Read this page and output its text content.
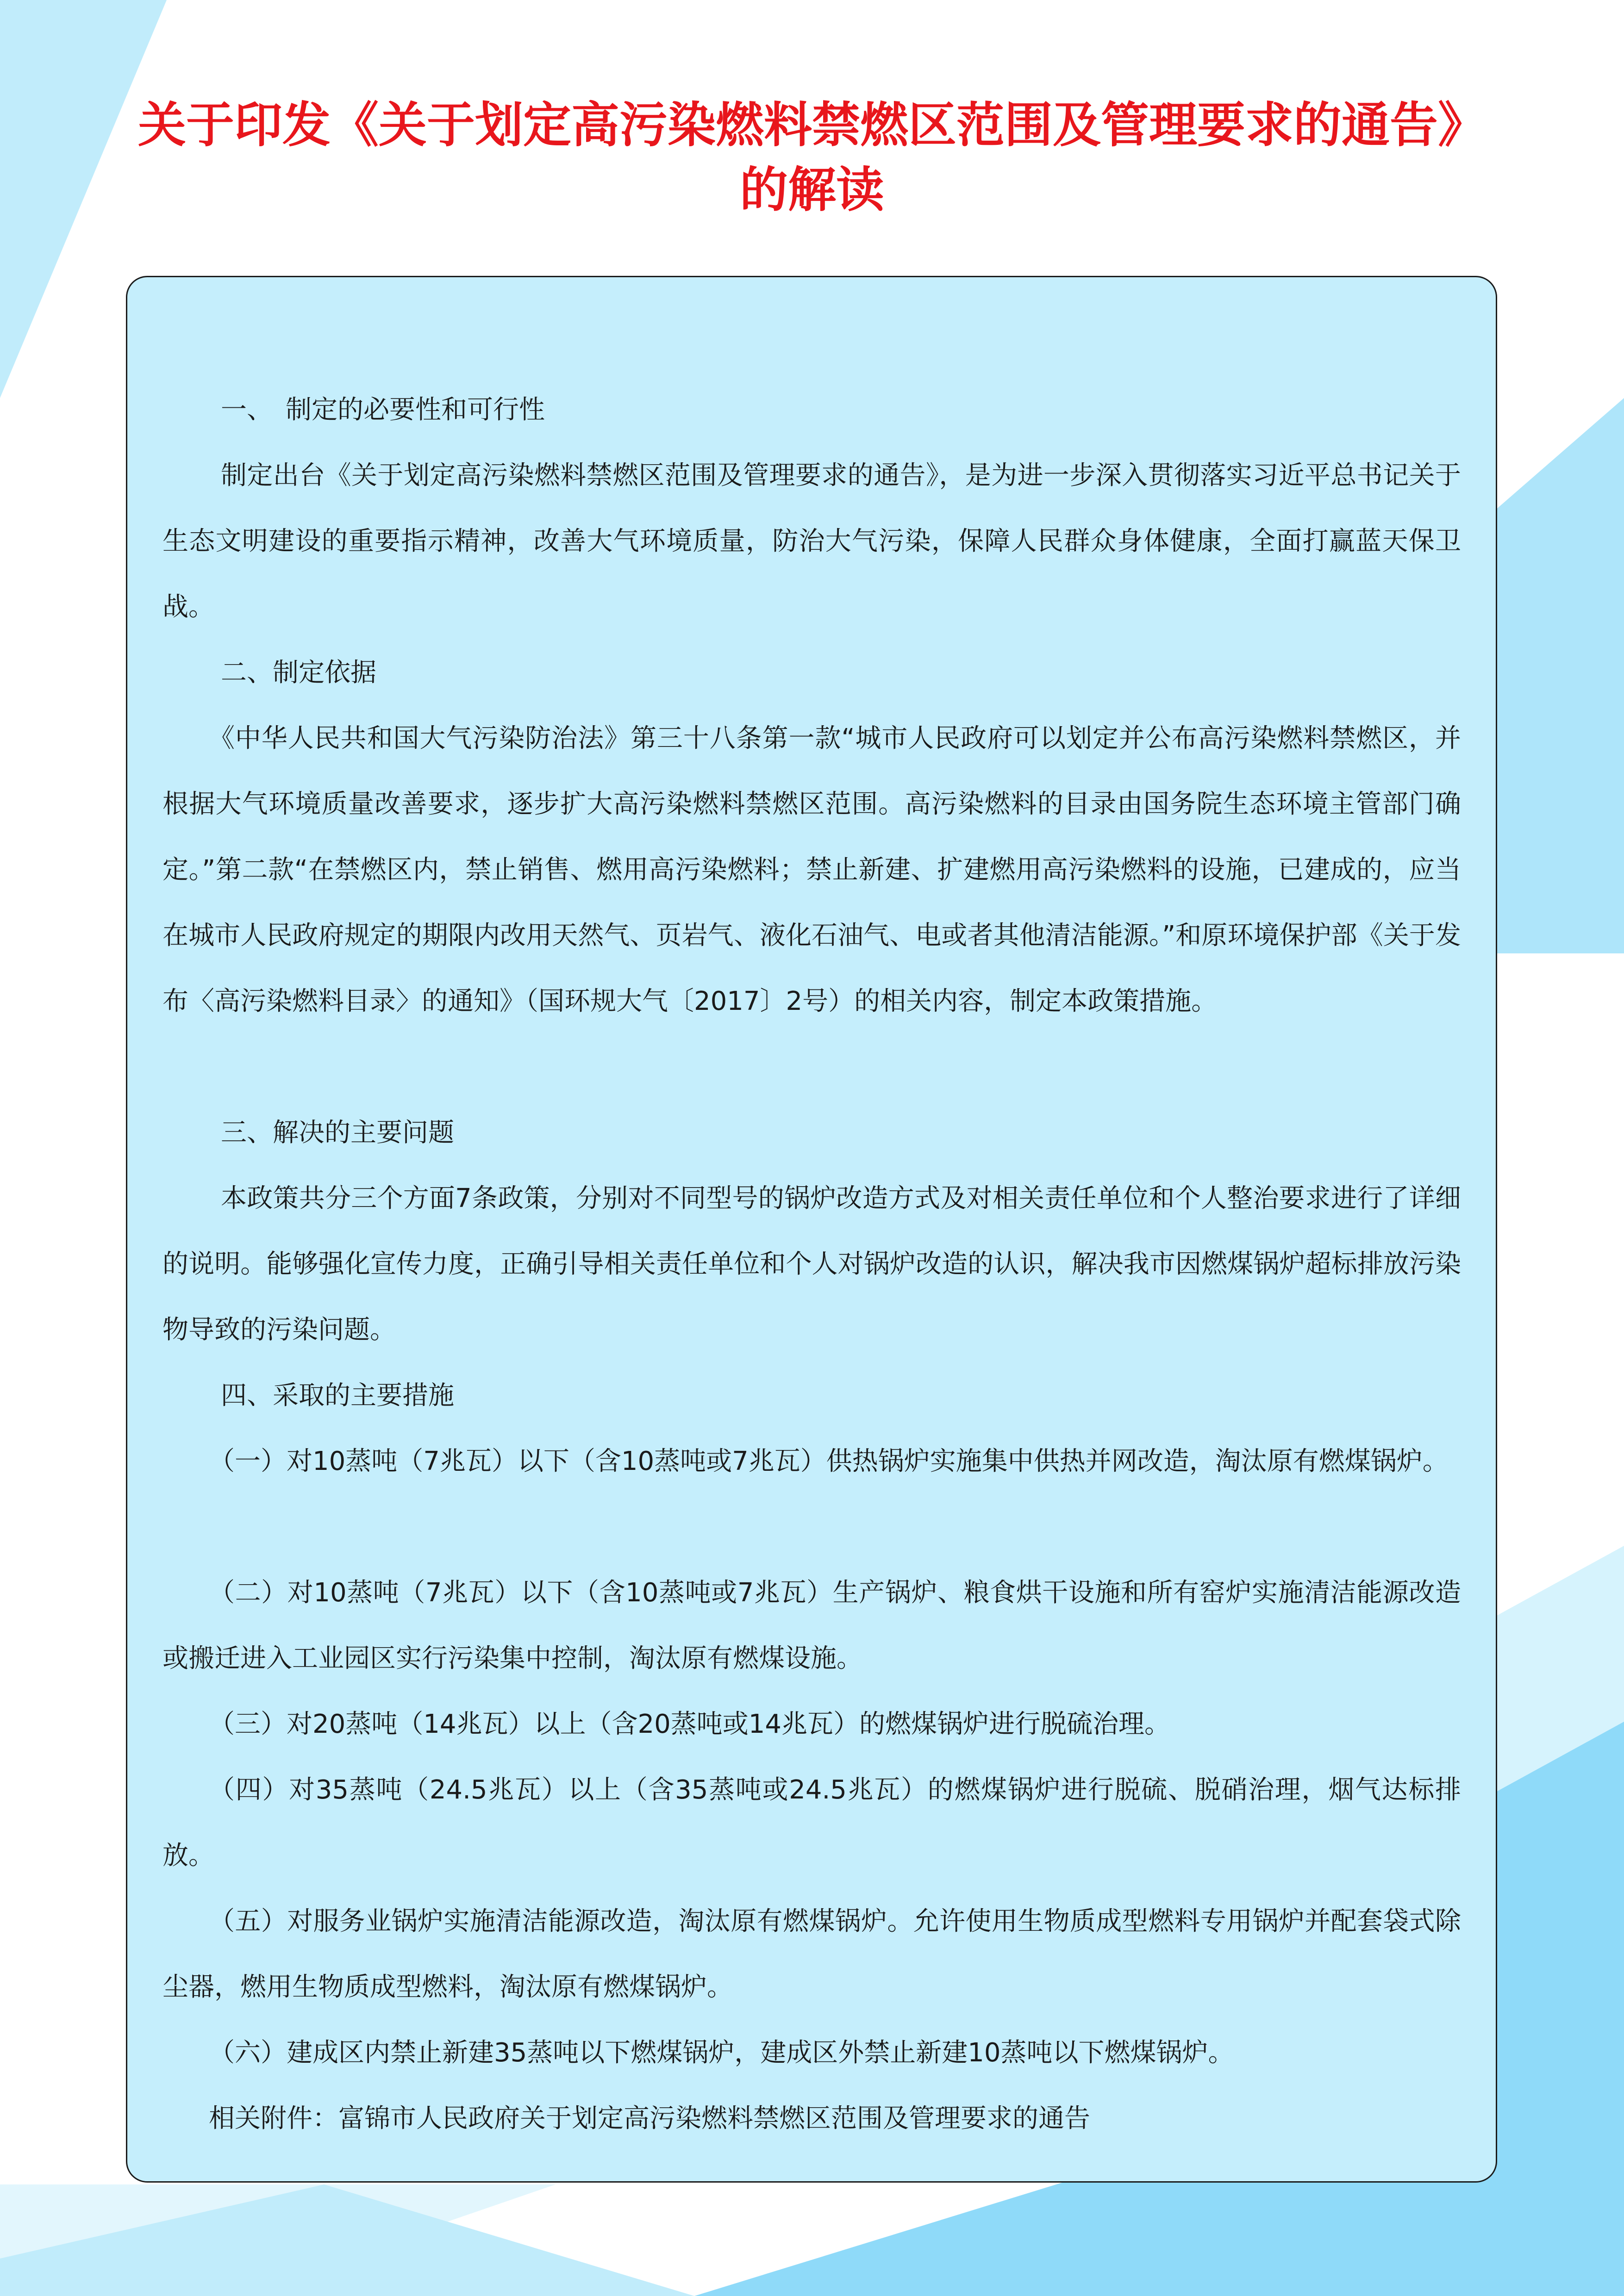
关于印发《关于划定高污染燃料禁燃区范围及管理要求的通告》
的解读

一、　制定的必要性和可行性

制定出台《关于划定高污染燃料禁燃区范围及管理要求的通告》，是为进一步深入贯彻落实习近平总书记关于生态文明建设的重要指示精神，改善大气环境质量，防治大气污染，保障人民群众身体健康，全面打赢蓝天保卫战。

二、制定依据

《中华人民共和国大气污染防治法》第三十八条第一款“城市人民政府可以划定并公布高污染燃料禁燃区，并根据大气环境质量改善要求，逐步扩大高污染燃料禁燃区范围。高污染燃料的目录由国务院生态环境主管部门确定。”第二款“在禁燃区内，禁止销售、燃用高污染燃料；禁止新建、扩建燃用高污染燃料的设施，已建成的，应当在城市人民政府规定的期限内改用天然气、页岩气、液化石油气、电或者其他清洁能源。”和原环境保护部《关于发布〈高污染燃料目录〉的通知》（国环规大气〔2017〕2号）的相关内容，制定本政策措施。

三、解决的主要问题

本政策共分三个方面7条政策，分别对不同型号的锅炉改造方式及对相关责任单位和个人整治要求进行了详细的说明。能够强化宣传力度，正确引导相关责任单位和个人对锅炉改造的认识，解决我市因燃煤锅炉超标排放污染物导致的污染问题。

四、采取的主要措施

（一）对10蒸吨（7兆瓦）以下（含10蒸吨或7兆瓦）供热锅炉实施集中供热并网改造，淘汰原有燃煤锅炉。

（二）对10蒸吨（7兆瓦）以下（含10蒸吨或7兆瓦）生产锅炉、粮食烘干设施和所有窑炉实施清洁能源改造或搬迁进入工业园区实行污染集中控制，淘汰原有燃煤设施。

（三）对20蒸吨（14兆瓦）以上（含20蒸吨或14兆瓦）的燃煤锅炉进行脱硫治理。

（四）对35蒸吨（24.5兆瓦）以上（含35蒸吨或24.5兆瓦）的燃煤锅炉进行脱硫、脱硝治理，烟气达标排放。

（五）对服务业锅炉实施清洁能源改造，淘汰原有燃煤锅炉。允许使用生物质成型燃料专用锅炉并配套袋式除尘器，燃用生物质成型燃料，淘汰原有燃煤锅炉。

（六）建成区内禁止新建35蒸吨以下燃煤锅炉，建成区外禁止新建10蒸吨以下燃煤锅炉。

相关附件：富锦市人民政府关于划定高污染燃料禁燃区范围及管理要求的通告
